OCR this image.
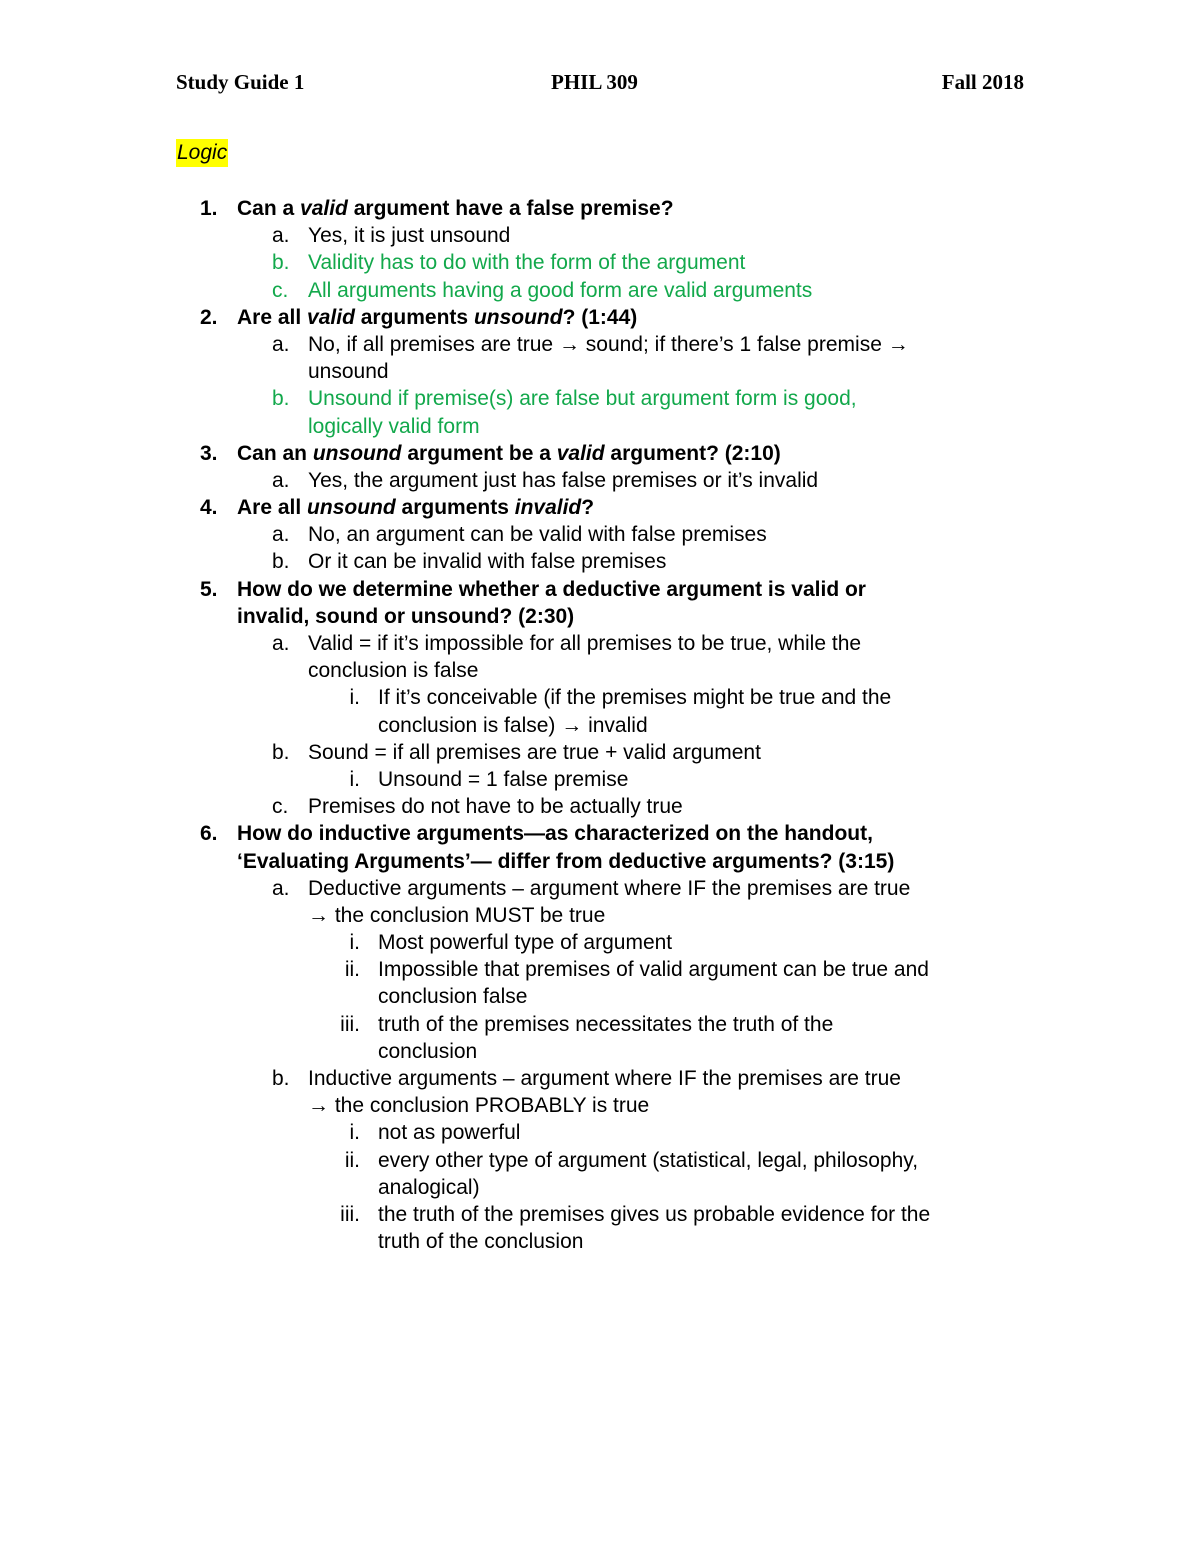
Study Guide 1	PHIL 309	Fall 2018
Logic
1. Can a valid argument have a false premise?
a. Yes, it is just unsound
b. Validity has to do with the form of the argument
c. All arguments having a good form are valid arguments
2. Are all valid arguments unsound? (1:44)
a. No, if all premises are true → sound; if there’s 1 false premise →
unsound
b. Unsound if premise(s) are false but argument form is good,
logically valid form
3. Can an unsound argument be a valid argument? (2:10)
a. Yes, the argument just has false premises or it’s invalid
4. Are all unsound arguments invalid?
a. No, an argument can be valid with false premises
b. Or it can be invalid with false premises
5. How do we determine whether a deductive argument is valid or
invalid, sound or unsound? (2:30)
a. Valid = if it’s impossible for all premises to be true, while the
conclusion is false
i. If it’s conceivable (if the premises might be true and the
conclusion is false) → invalid
b. Sound = if all premises are true + valid argument
i. Unsound = 1 false premise
c. Premises do not have to be actually true
6. How do inductive arguments—as characterized on the handout,
‘Evaluating Arguments’— differ from deductive arguments? (3:15)
a. Deductive arguments – argument where IF the premises are true
→ the conclusion MUST be true
i. Most powerful type of argument
ii. Impossible that premises of valid argument can be true and
conclusion false
iii. truth of the premises necessitates the truth of the
conclusion
b. Inductive arguments – argument where IF the premises are true
→ the conclusion PROBABLY is true
i. not as powerful
ii. every other type of argument (statistical, legal, philosophy,
analogical)
iii. the truth of the premises gives us probable evidence for the
truth of the conclusion
